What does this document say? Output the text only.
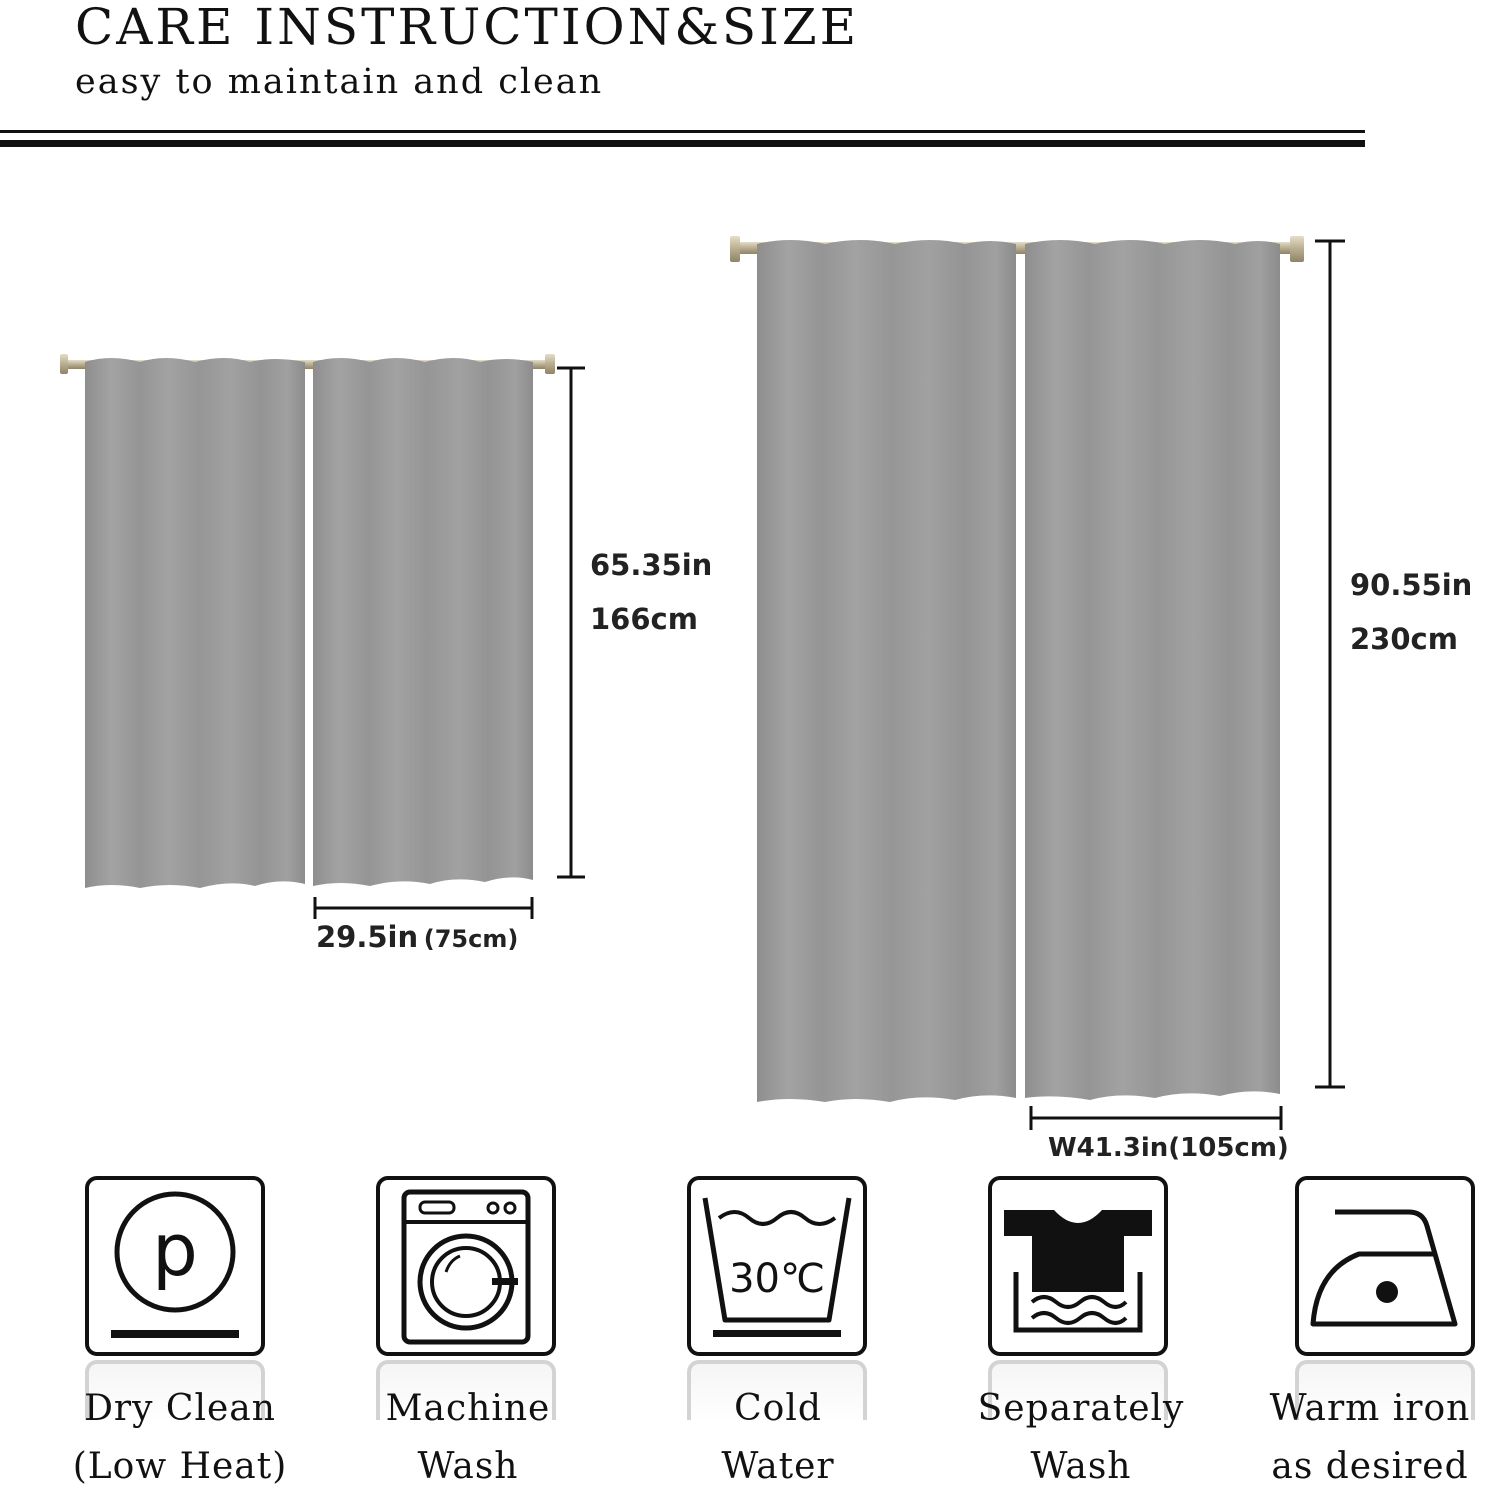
CARE INSTRUCTION&SIZE
easy to maintain and clean
65.35in
166cm
29.5in (75cm)
90.55in
230cm
W41.3in(105cm)
p
Dry Clean
(Low Heat)
Machine
Wash
30℃
Cold
Water
Separately
Wash
Warm iron
as desired
